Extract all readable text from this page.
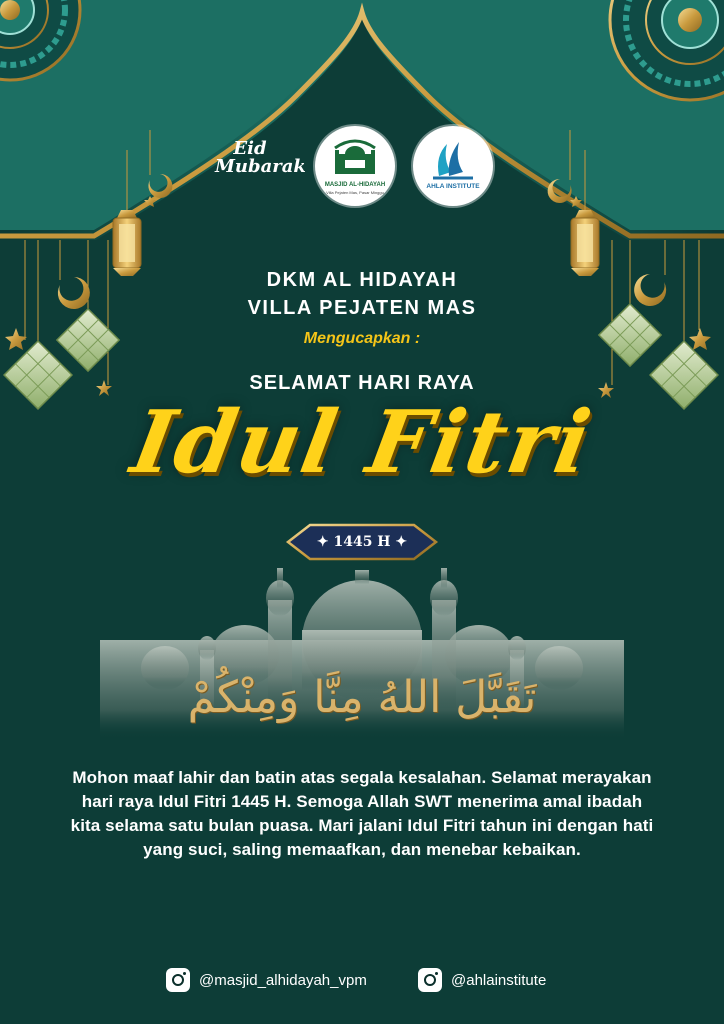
Eid
Mubarak
MASJID AL-HIDAYAH
Villa Pejaten Mas, Pasar Minggu
AHLA INSTITUTE
DKM AL HIDAYAH
VILLA PEJATEN MAS
Mengucapkan :
SELAMAT HARI RAYA
Idul Fitri
✦ 1445 H ✦
تَقَبَّلَ اللهُ مِنَّا وَمِنْكُمْ
Mohon maaf lahir dan batin atas segala kesalahan. Selamat merayakan hari raya Idul Fitri 1445 H. Semoga Allah SWT menerima amal ibadah kita selama satu bulan puasa. Mari jalani Idul Fitri tahun ini dengan hati yang suci, saling memaafkan, dan menebar kebaikan.
@masjid_alhidayah_vpm	@ahlainstitute
